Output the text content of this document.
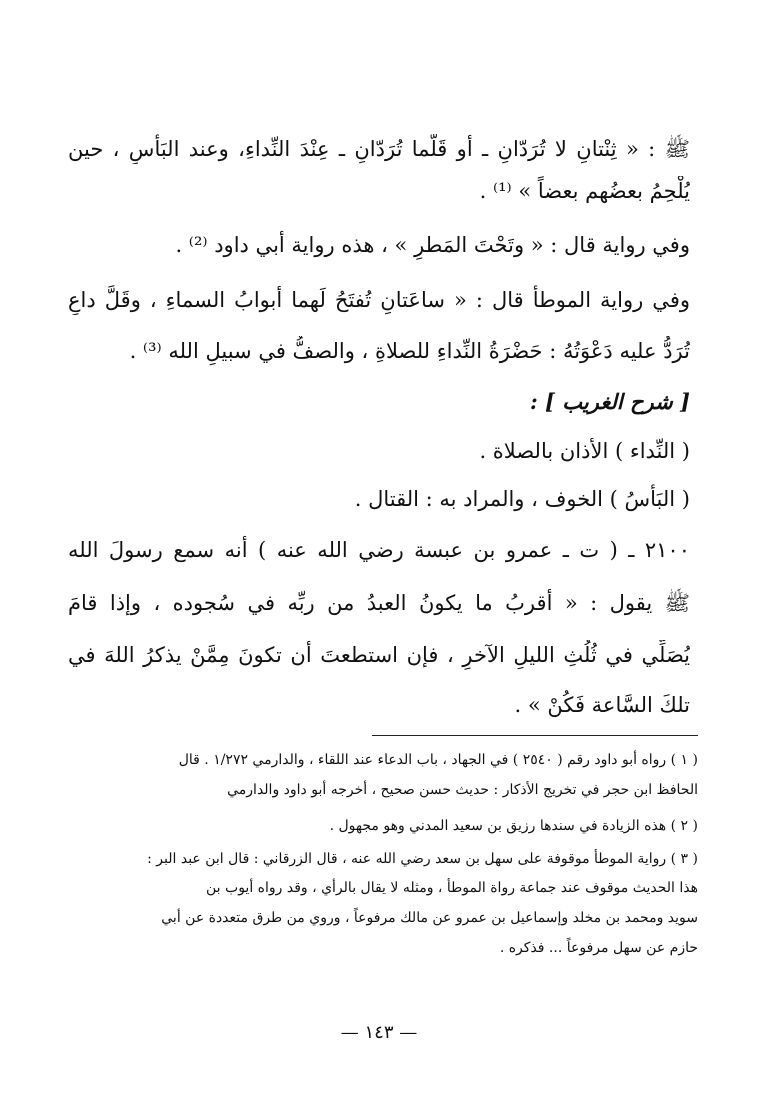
ﷺ : « ثِنْتانِ لا تُرَدّانِ ـ أو قَلَّما تُرَدّانِ ـ عِنْدَ النِّداءِ، وعند البَأْسِ ، حين
يُلْحِمُ بعضُهم بعضاً » ⁽¹⁾ .
وفي رواية قال : « وتَحْتَ المَطرِ » ، هذه رواية أبي داود ⁽²⁾ .
وفي رواية الموطأ قال : « ساعَتانِ تُفتَحُ لَهما أبوابُ السماءِ ، وقَلَّ داعٍ
تُرَدُّ عليه دَعْوَتُهُ : حَضْرَةُ النِّداءِ للصلاةِ ، والصفُّ في سبيلِ الله ⁽³⁾ .
[ شرح الغريب ] :
( النِّداء ) الأذان بالصلاة .
( البَأْسُ ) الخوف ، والمراد به : القتال .
٢١٠٠ ـ ( ت ـ عمرو بن عبسة رضي الله عنه ) أنه سمع رسولَ الله
ﷺ يقول : « أقربُ ما يكونُ العبدُ من ربِّه في سُجوده ، وإذا قامَ
يُصَلِّي في ثُلُثِ الليلِ الآخرِ ، فإن استطعتَ أن تكونَ مِمَّنْ يذكرُ اللهَ في
تلكَ السَّاعة فَكُنْ » .
( ١ ) رواه أبو داود رقم ( ٢٥٤٠ ) في الجهاد ، باب الدعاء عند اللقاء ، والدارمي ١/٢٧٢ . قال
الحافظ ابن حجر في تخريج الأذكار : حديث حسن صحيح ، أخرجه أبو داود والدارمي
( ٢ ) هذه الزيادة في سندها رزيق بن سعيد المدني وهو مجهول .
( ٣ ) رواية الموطأ موقوفة على سهل بن سعد رضي الله عنه ، قال الزرقاني : قال ابن عبد البر :
هذا الحديث موقوف عند جماعة رواة الموطأ ، ومثله لا يقال بالرأي ، وقد رواه أيوب بن
سويد ومحمد بن مخلد وإسماعيل بن عمرو عن مالك مرفوعاً ، وروي من طرق متعددة عن أبي
حازم عن سهل مرفوعاً ... فذكره .
— ١٤٣ —
